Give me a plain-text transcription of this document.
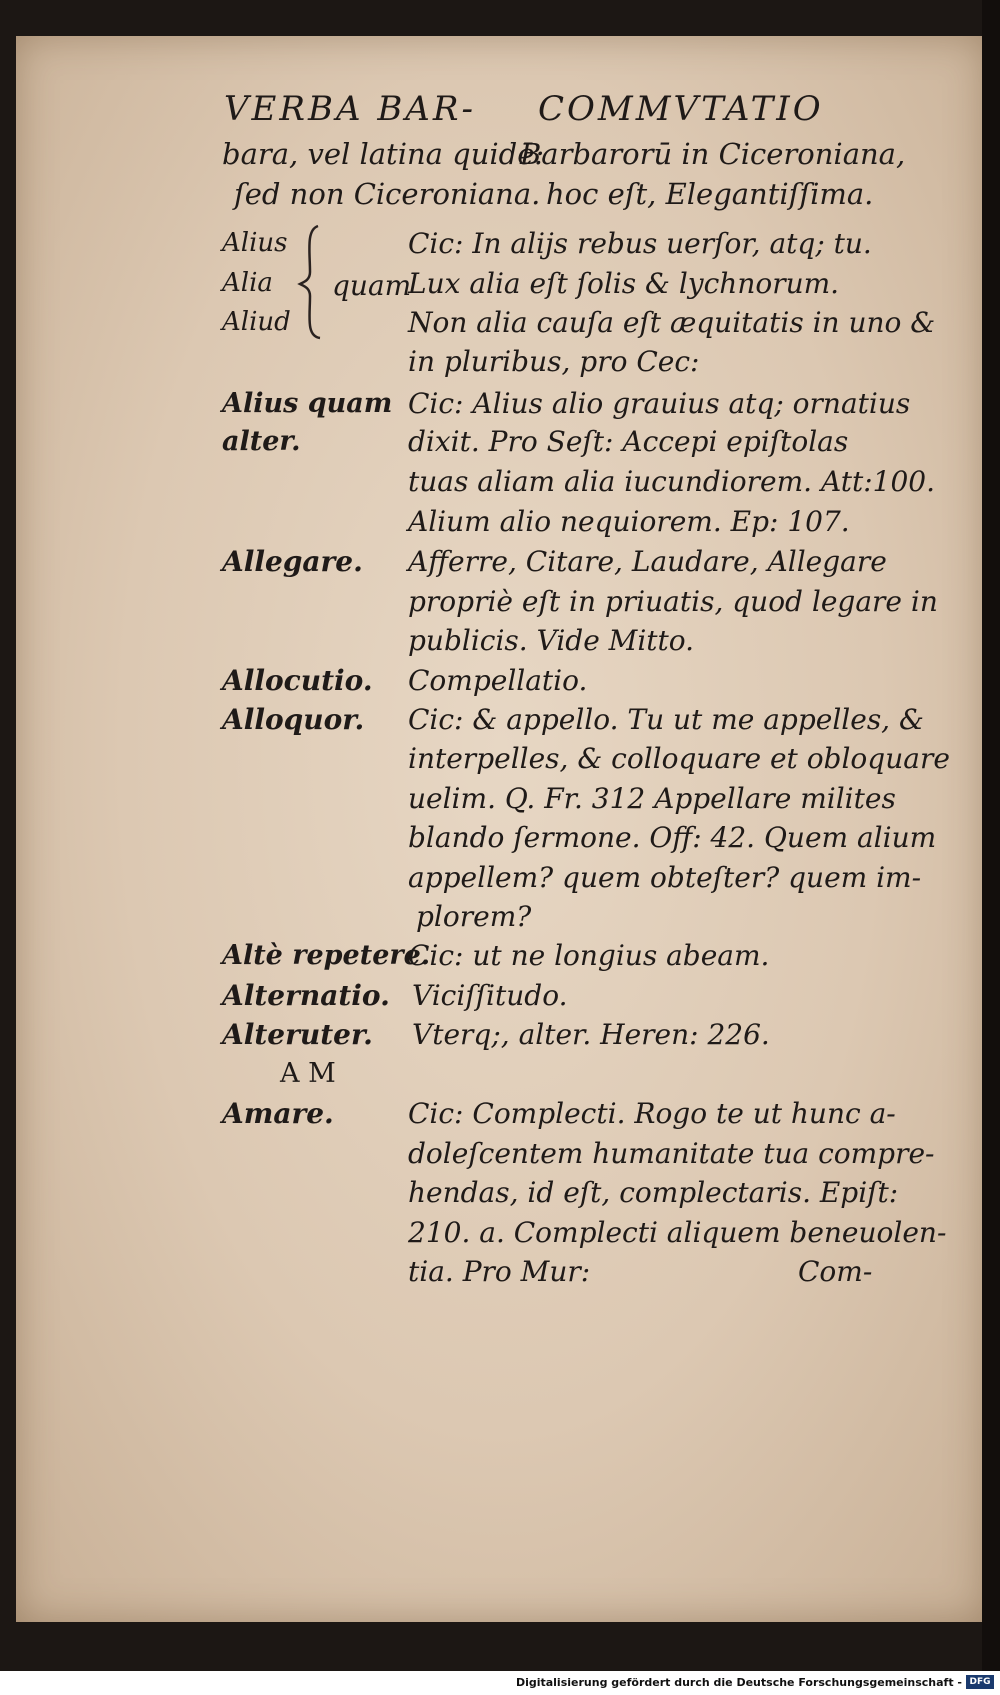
VERBA BAR- COMMVTATIO
bara, vel latina quidē:
Barbarorū in Ciceroniana,
ſed non Ciceroniana. hoc eſt, Elegantiſſima.
Alius
Alia
Aliud
quam
Cic: In alijs rebus uerſor, atq; tu.
Lux alia eſt ſolis & lychnorum.
Non alia cauſa eſt æquitatis in uno &
in pluribus, pro Cec:
Alius quam
alter.
Cic: Alius alio grauius atq; ornatius
dixit. Pro Seſt: Accepi epiſtolas
tuas aliam alia iucundiorem. Att:100.
Alium alio nequiorem. Ep: 107.
Allegare. Afferre, Citare, Laudare, Allegare
propriè eſt in priuatis, quod legare in
publicis. Vide Mitto.
Allocutio. Compellatio.
Alloquor. Cic: & appello. Tu ut me appelles, &
interpelles, & colloquare et obloquare
uelim. Q. Fr. 312 Appellare milites
blando ſermone. Off: 42. Quem alium
appellem? quem obteſter? quem im-
plorem?
Altè repetere.
Cic: ut ne longius abeam.
Alternatio. Viciſſitudo.
Alteruter. Vterq;, alter. Heren: 226.
A M
Amare.	Cic: Complecti. Rogo te ut hunc a-
doleſcentem humanitate tua compre-
hendas, id eſt, complectaris. Epiſt:
210. a. Complecti aliquem beneuolen-
tia. Pro Mur:	Com-
Digitalisierung gefördert durch die Deutsche Forschungsgemeinschaft - DFG
